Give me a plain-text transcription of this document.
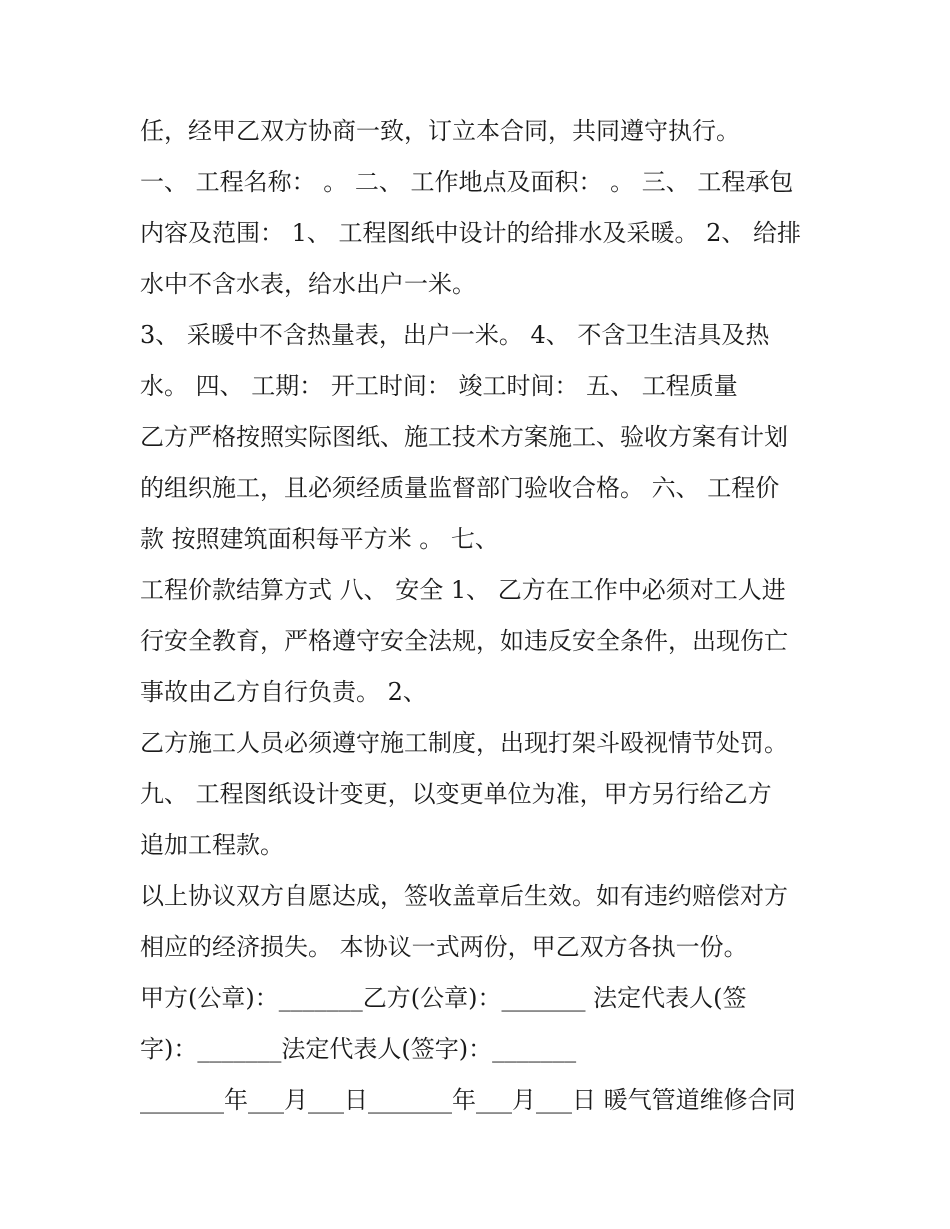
任，经甲乙双方协商一致，订立本合同，共同遵守执行。
一、 工程名称： 。 二、 工作地点及面积： 。 三、 工程承包
内容及范围： 1、 工程图纸中设计的给排水及采暖。 2、 给排
水中不含水表，给水出户一米。
3、 采暖中不含热量表，出户一米。 4、 不含卫生洁具及热
水。 四、 工期： 开工时间： 竣工时间： 五、 工程质量
乙方严格按照实际图纸、施工技术方案施工、验收方案有计划
的组织施工，且必须经质量监督部门验收合格。 六、 工程价
款 按照建筑面积每平方米 。 七、
工程价款结算方式 八、 安全 1、 乙方在工作中必须对工人进
行安全教育，严格遵守安全法规，如违反安全条件，出现伤亡
事故由乙方自行负责。 2、
乙方施工人员必须遵守施工制度，出现打架斗殴视情节处罚。
九、 工程图纸设计变更，以变更单位为准，甲方另行给乙方
追加工程款。
以上协议双方自愿达成，签收盖章后生效。如有违约赔偿对方
相应的经济损失。 本协议一式两份，甲乙双方各执一份。
甲方(公章)：_______乙方(公章)：_______ 法定代表人(签
字)：_______法定代表人(签字)：_______
_______年___月___日_______年___月___日 暖气管道维修合同
